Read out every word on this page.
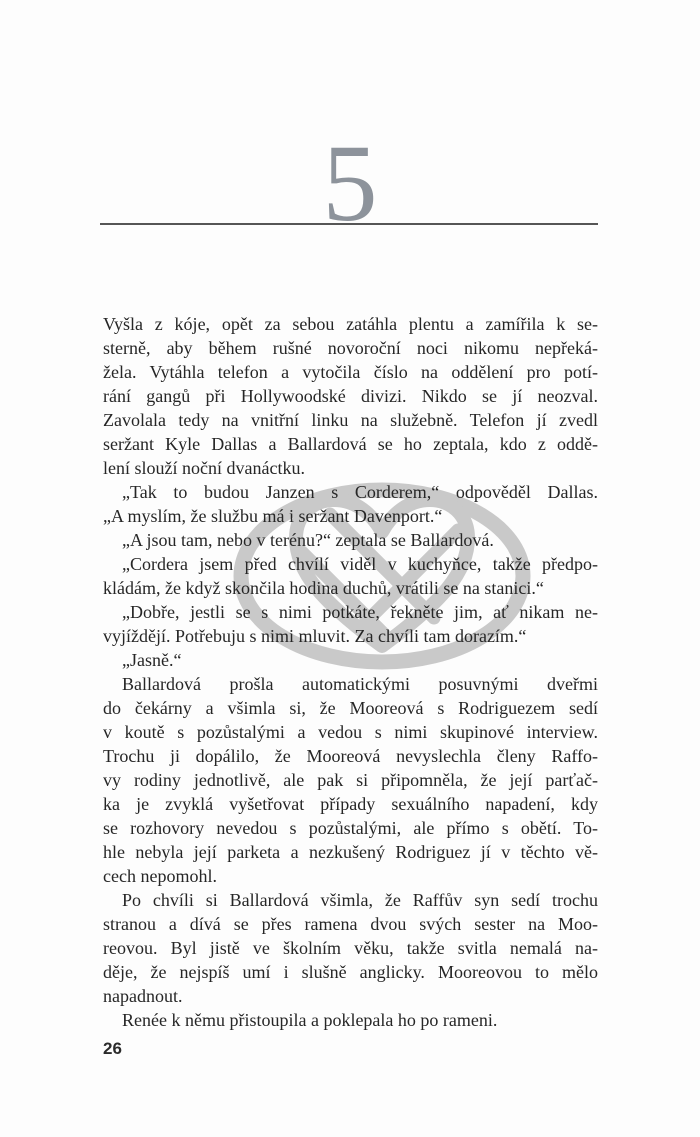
5
Vyšla z kóje, opět za sebou zatáhla plentu a zamířila k se-
sterně, aby během rušné novoroční noci nikomu nepřeká-
žela. Vytáhla telefon a vytočila číslo na oddělení pro potí-
rání gangů při Hollywoodské divizi. Nikdo se jí neozval.
Zavolala tedy na vnitřní linku na služebně. Telefon jí zvedl
seržant Kyle Dallas a Ballardová se ho zeptala, kdo z oddě-
lení slouží noční dvanáctku.
„Tak to budou Janzen s Corderem,“ odpověděl Dallas.
„A myslím, že službu má i seržant Davenport.“
„A jsou tam, nebo v terénu?“ zeptala se Ballardová.
„Cordera jsem před chvílí viděl v kuchyňce, takže předpo-
kládám, že když skončila hodina duchů, vrátili se na stanici.“
„Dobře, jestli se s nimi potkáte, řekněte jim, ať nikam ne-
vyjíždějí. Potřebuju s nimi mluvit. Za chvíli tam dorazím.“
„Jasně.“
Ballardová prošla automatickými posuvnými dveřmi
do čekárny a všimla si, že Mooreová s Rodriguezem sedí
v koutě s pozůstalými a vedou s nimi skupinové interview.
Trochu ji dopálilo, že Mooreová nevyslechla členy Raffo-
vy rodiny jednotlivě, ale pak si připomněla, že její parťač-
ka je zvyklá vyšetřovat případy sexuálního napadení, kdy
se rozhovory nevedou s pozůstalými, ale přímo s obětí. To-
hle nebyla její parketa a nezkušený Rodriguez jí v těchto vě-
cech nepomohl.
Po chvíli si Ballardová všimla, že Raffův syn sedí trochu
stranou a dívá se přes ramena dvou svých sester na Moo-
reovou. Byl jistě ve školním věku, takže svitla nemalá na-
děje, že nejspíš umí i slušně anglicky. Mooreovou to mělo
napadnout.
Renée k němu přistoupila a poklepala ho po rameni.
26
